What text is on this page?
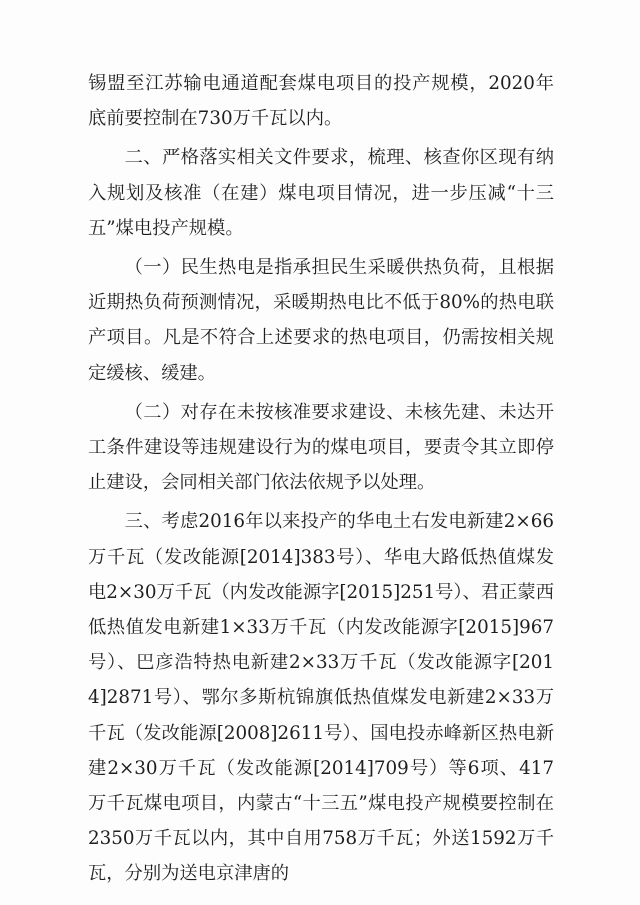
锡盟至江苏输电通道配套煤电项目的投产规模，2020年底前要控制在730万千瓦以内。

二、严格落实相关文件要求，梳理、核查你区现有纳入规划及核准（在建）煤电项目情况，进一步压减“十三五”煤电投产规模。

（一）民生热电是指承担民生采暖供热负荷，且根据近期热负荷预测情况，采暖期热电比不低于80%的热电联产项目。凡是不符合上述要求的热电项目，仍需按相关规定缓核、缓建。

（二）对存在未按核准要求建设、未核先建、未达开工条件建设等违规建设行为的煤电项目，要责令其立即停止建设，会同相关部门依法依规予以处理。

三、考虑2016年以来投产的华电土右发电新建2×66万千瓦（发改能源[2014]383号）、华电大路低热值煤发电2×30万千瓦（内发改能源字[2015]251号）、君正蒙西低热值发电新建1×33万千瓦（内发改能源字[2015]967号）、巴彦浩特热电新建2×33万千瓦（发改能源字[2014]2871号）、鄂尔多斯杭锦旗低热值煤发电新建2×33万千瓦（发改能源[2008]2611号）、国电投赤峰新区热电新建2×30万千瓦（发改能源[2014]709号）等6项、417万千瓦煤电项目，内蒙古“十三五”煤电投产规模要控制在2350万千瓦以内，其中自用758万千瓦；外送1592万千瓦，分别为送电京津唐的
